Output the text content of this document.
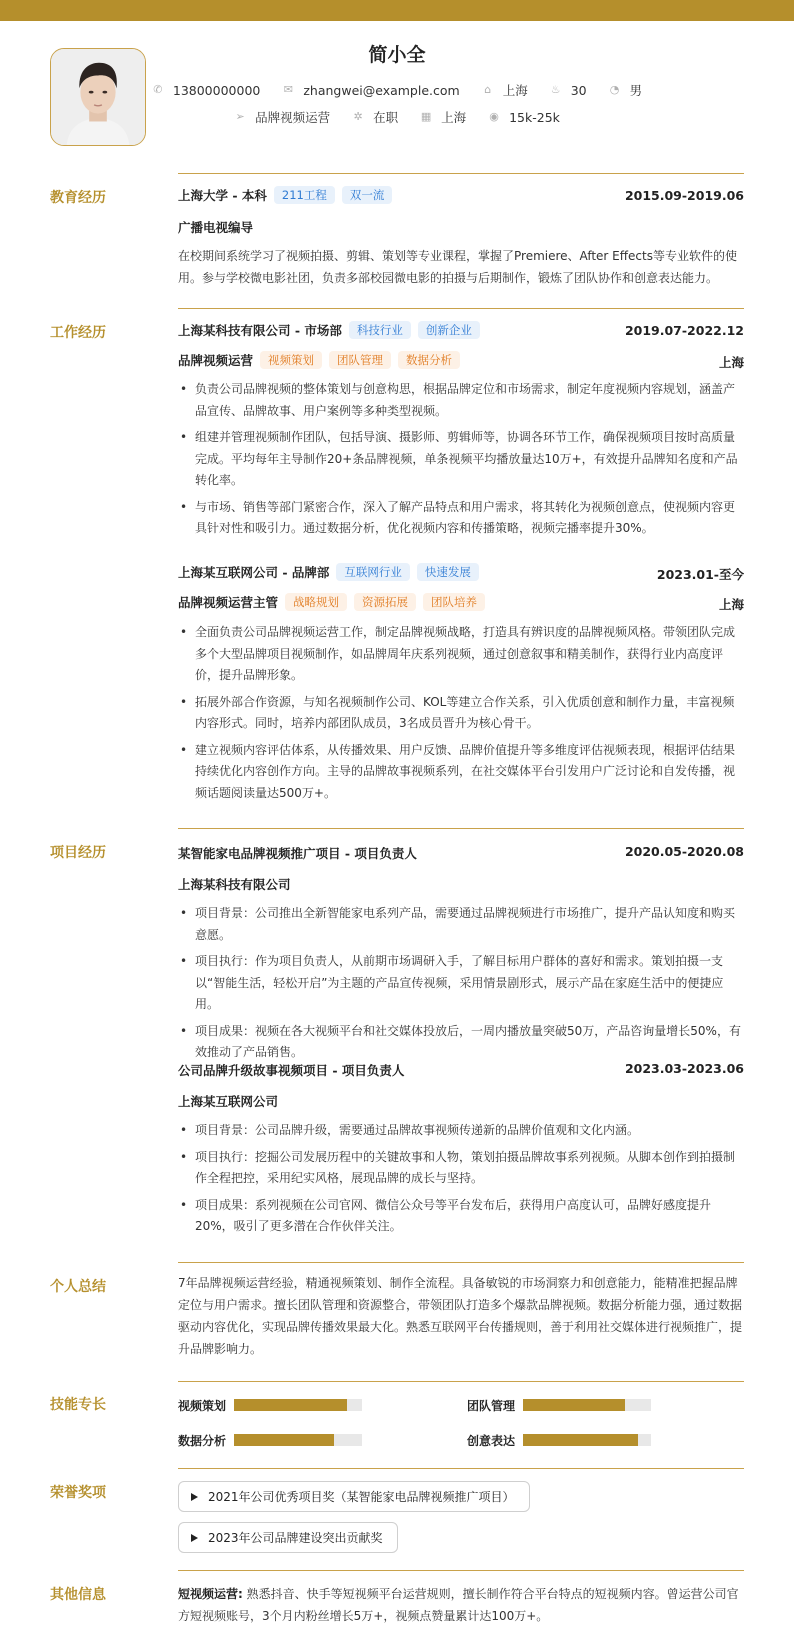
简小全
✆ 13800000000
✉ zhangwei@example.com
⌂ 上海
♨ 30
◔ 男
➢ 品牌视频运营
✲ 在职
▦ 上海
◉ 15k-25k
教育经历	上海大学 - 本科	211工程	双一流	2015.09-2019.06
广播电视编导
在校期间系统学习了视频拍摄、剪辑、策划等专业课程，掌握了Premiere、After Effects等专业软件的使用。参与学校微电影社团，负责多部校园微电影的拍摄与后期制作，锻炼了团队协作和创意表达能力。
工作经历	上海某科技有限公司 - 市场部	科技行业	创新企业	2019.07-2022.12
品牌视频运营	视频策划	团队管理	数据分析	上海
• 负责公司品牌视频的整体策划与创意构思，根据品牌定位和市场需求，制定年度视频内容规划，涵盖产品宣传、品牌故事、用户案例等多种类型视频。
• 组建并管理视频制作团队，包括导演、摄影师、剪辑师等，协调各环节工作，确保视频项目按时高质量完成。平均每年主导制作20+条品牌视频，单条视频平均播放量达10万+，有效提升品牌知名度和产品转化率。
• 与市场、销售等部门紧密合作，深入了解产品特点和用户需求，将其转化为视频创意点，使视频内容更具针对性和吸引力。通过数据分析，优化视频内容和传播策略，视频完播率提升30%。
上海某互联网公司 - 品牌部	互联网行业	快速发展	2023.01-至今
品牌视频运营主管	战略规划	资源拓展	团队培养	上海
• 全面负责公司品牌视频运营工作，制定品牌视频战略，打造具有辨识度的品牌视频风格。带领团队完成多个大型品牌项目视频制作，如品牌周年庆系列视频，通过创意叙事和精美制作，获得行业内高度评价，提升品牌形象。
• 拓展外部合作资源，与知名视频制作公司、KOL等建立合作关系，引入优质创意和制作力量，丰富视频内容形式。同时，培养内部团队成员，3名成员晋升为核心骨干。
• 建立视频内容评估体系，从传播效果、用户反馈、品牌价值提升等多维度评估视频表现，根据评估结果持续优化内容创作方向。主导的品牌故事视频系列，在社交媒体平台引发用户广泛讨论和自发传播，视频话题阅读量达500万+。
项目经历	某智能家电品牌视频推广项目 - 项目负责人	2020.05-2020.08
上海某科技有限公司
• 项目背景：公司推出全新智能家电系列产品，需要通过品牌视频进行市场推广，提升产品认知度和购买意愿。
• 项目执行：作为项目负责人，从前期市场调研入手，了解目标用户群体的喜好和需求。策划拍摄一支以“智能生活，轻松开启”为主题的产品宣传视频，采用情景剧形式，展示产品在家庭生活中的便捷应用。
• 项目成果：视频在各大视频平台和社交媒体投放后，一周内播放量突破50万，产品咨询量增长50%，有效推动了产品销售。
公司品牌升级故事视频项目 - 项目负责人	2023.03-2023.06
上海某互联网公司
• 项目背景：公司品牌升级，需要通过品牌故事视频传递新的品牌价值观和文化内涵。
• 项目执行：挖掘公司发展历程中的关键故事和人物，策划拍摄品牌故事系列视频。从脚本创作到拍摄制作全程把控，采用纪实风格，展现品牌的成长与坚持。
• 项目成果：系列视频在公司官网、微信公众号等平台发布后，获得用户高度认可，品牌好感度提升20%，吸引了更多潜在合作伙伴关注。
个人总结	7年品牌视频运营经验，精通视频策划、制作全流程。具备敏锐的市场洞察力和创意能力，能精准把握品牌定位与用户需求。擅长团队管理和资源整合，带领团队打造多个爆款品牌视频。数据分析能力强，通过数据驱动内容优化，实现品牌传播效果最大化。熟悉互联网平台传播规则，善于利用社交媒体进行视频推广，提升品牌影响力。
技能专长	视频策划	团队管理
数据分析	创意表达
荣誉奖项	2021年公司优秀项目奖（某智能家电品牌视频推广项目）
2023年公司品牌建设突出贡献奖
其他信息	短视频运营: 熟悉抖音、快手等短视频平台运营规则，擅长制作符合平台特点的短视频内容。曾运营公司官方短视频账号，3个月内粉丝增长5万+，视频点赞量累计达100万+。
